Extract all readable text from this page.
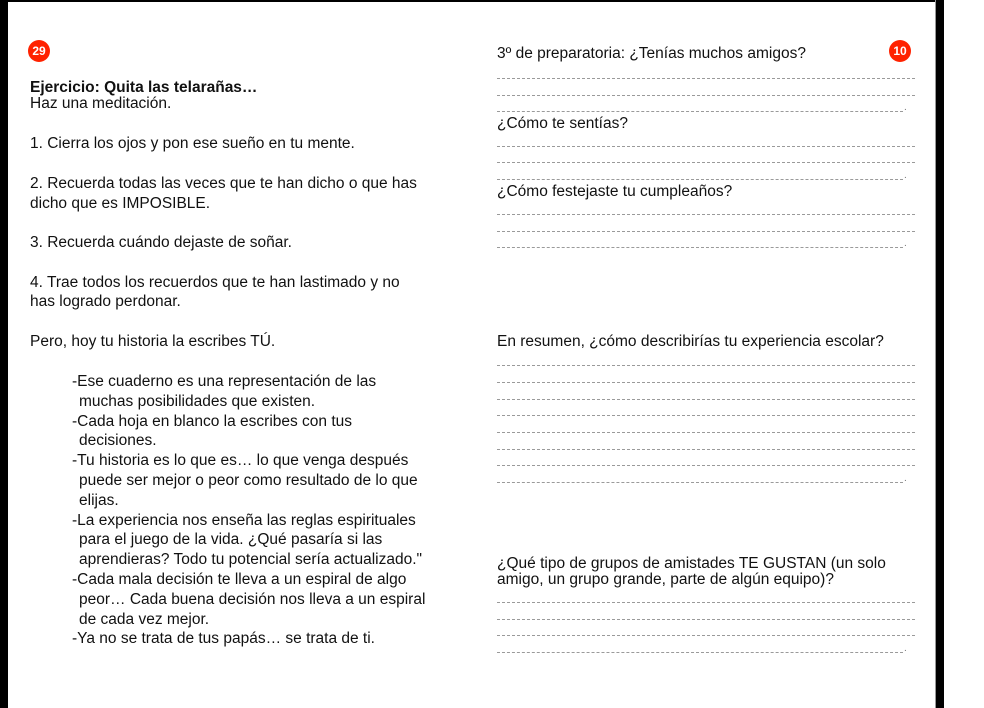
29
Ejercicio: Quita las telarañas…
Haz una meditación.
1. Cierra los ojos y pon ese sueño en tu mente.
2. Recuerda todas las veces que te han dicho o que has
dicho que es IMPOSIBLE.
3. Recuerda cuándo dejaste de soñar.
4. Trae todos los recuerdos que te han lastimado y no
has logrado perdonar.
Pero, hoy tu historia la escribes TÚ.
-Ese cuaderno es una representación de las
muchas posibilidades que existen.
-Cada hoja en blanco la escribes con tus
decisiones.
-Tu historia es lo que es… lo que venga después
puede ser mejor o peor como resultado de lo que
elijas.
-La experiencia nos enseña las reglas espirituales
para el juego de la vida. ¿Qué pasaría si las
aprendieras? Todo tu potencial sería actualizado."
-Cada mala decisión te lleva a un espiral de algo
peor… Cada buena decisión nos lleva a un espiral
de cada vez mejor.
-Ya no se trata de tus papás… se trata de ti.
10
3º de preparatoria: ¿Tenías muchos amigos?
.
¿Cómo te sentías?
.
¿Cómo festejaste tu cumpleaños?
.
En resumen, ¿cómo describirías tu experiencia escolar?
.
¿Qué tipo de grupos de amistades TE GUSTAN (un solo
amigo, un grupo grande, parte de algún equipo)?
.
